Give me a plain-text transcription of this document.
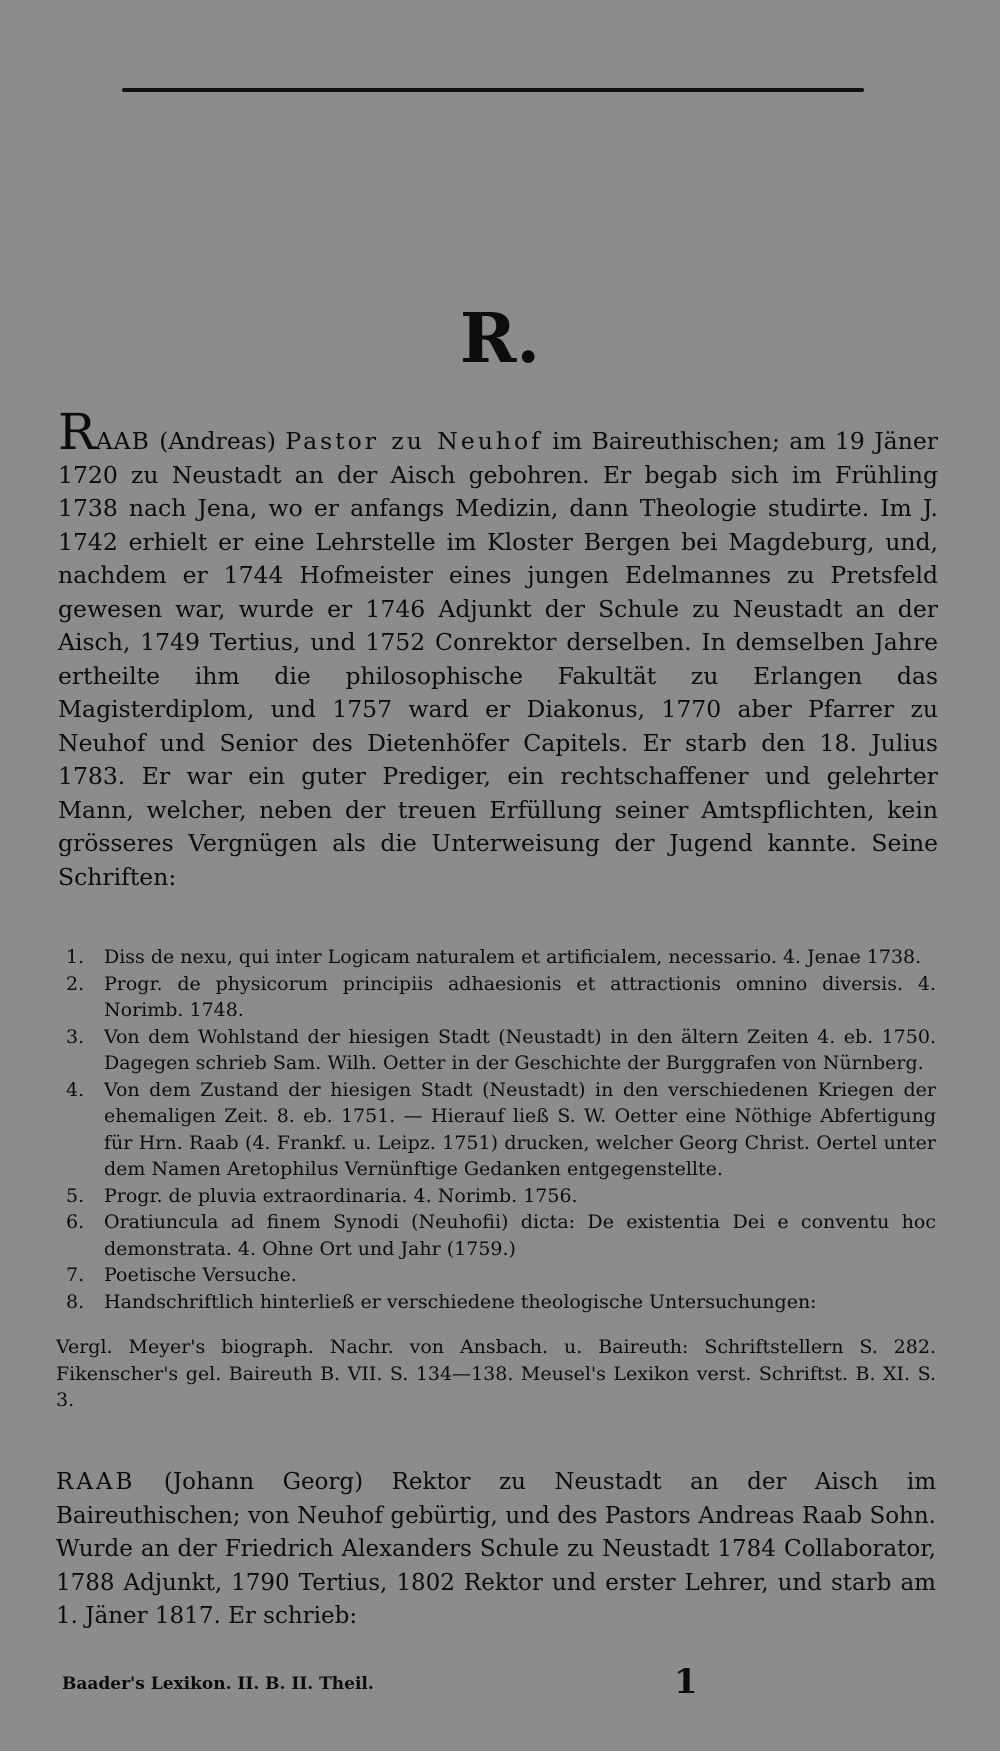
R.
RAAB (Andreas) Pastor zu Neuhof im Baireuthischen; am 19 Jäner 1720 zu Neustadt an der Aisch gebohren. Er begab sich im Frühling 1738 nach Jena, wo er anfangs Medizin, dann Theologie studirte. Im J. 1742 erhielt er eine Lehrstelle im Kloster Bergen bei Magdeburg, und, nachdem er 1744 Hofmeister eines jungen Edelmannes zu Pretsfeld gewesen war, wurde er 1746 Adjunkt der Schule zu Neustadt an der Aisch, 1749 Tertius, und 1752 Conrektor derselben. In demselben Jahre ertheilte ihm die philosophische Fakultät zu Erlangen das Magisterdiplom, und 1757 ward er Diakonus, 1770 aber Pfarrer zu Neuhof und Senior des Dietenhöfer Capitels. Er starb den 18. Julius 1783. Er war ein guter Prediger, ein rechtschaffener und gelehrter Mann, welcher, neben der treuen Erfüllung seiner Amtspflichten, kein grösseres Vergnügen als die Unterweisung der Jugend kannte. Seine Schriften:
1. Diss de nexu, qui inter Logicam naturalem et artificialem, necessario. 4. Jenae 1738.
2. Progr. de physicorum principiis adhaesionis et attractionis omnino diversis. 4. Norimb. 1748.
3. Von dem Wohlstand der hiesigen Stadt (Neustadt) in den ältern Zeiten 4. eb. 1750. Dagegen schrieb Sam. Wilh. Oetter in der Geschichte der Burggrafen von Nürnberg.
4. Von dem Zustand der hiesigen Stadt (Neustadt) in den verschiedenen Kriegen der ehemaligen Zeit. 8. eb. 1751. — Hierauf ließ S. W. Oetter eine Nöthige Abfertigung für Hrn. Raab (4. Frankf. u. Leipz. 1751) drucken, welcher Georg Christ. Oertel unter dem Namen Aretophilus Vernünftige Gedanken entgegenstellte.
5. Progr. de pluvia extraordinaria. 4. Norimb. 1756.
6. Oratiuncula ad finem Synodi (Neuhofii) dicta: De existentia Dei e conventu hoc demonstrata. 4. Ohne Ort und Jahr (1759.)
7. Poetische Versuche.
8. Handschriftlich hinterließ er verschiedene theologische Untersuchungen:
Vergl. Meyer's biograph. Nachr. von Ansbach. u. Baireuth: Schriftstellern S. 282. Fikenscher's gel. Baireuth B. VII. S. 134—138. Meusel's Lexikon verst. Schriftst. B. XI. S. 3.
RAAB (Johann Georg) Rektor zu Neustadt an der Aisch im Baireuthischen; von Neuhof gebürtig, und des Pastors Andreas Raab Sohn. Wurde an der Friedrich Alexanders Schule zu Neustadt 1784 Collaborator, 1788 Adjunkt, 1790 Tertius, 1802 Rektor und erster Lehrer, und starb am 1. Jäner 1817. Er schrieb:
Baader's Lexikon. II. B. II. Theil.	1
